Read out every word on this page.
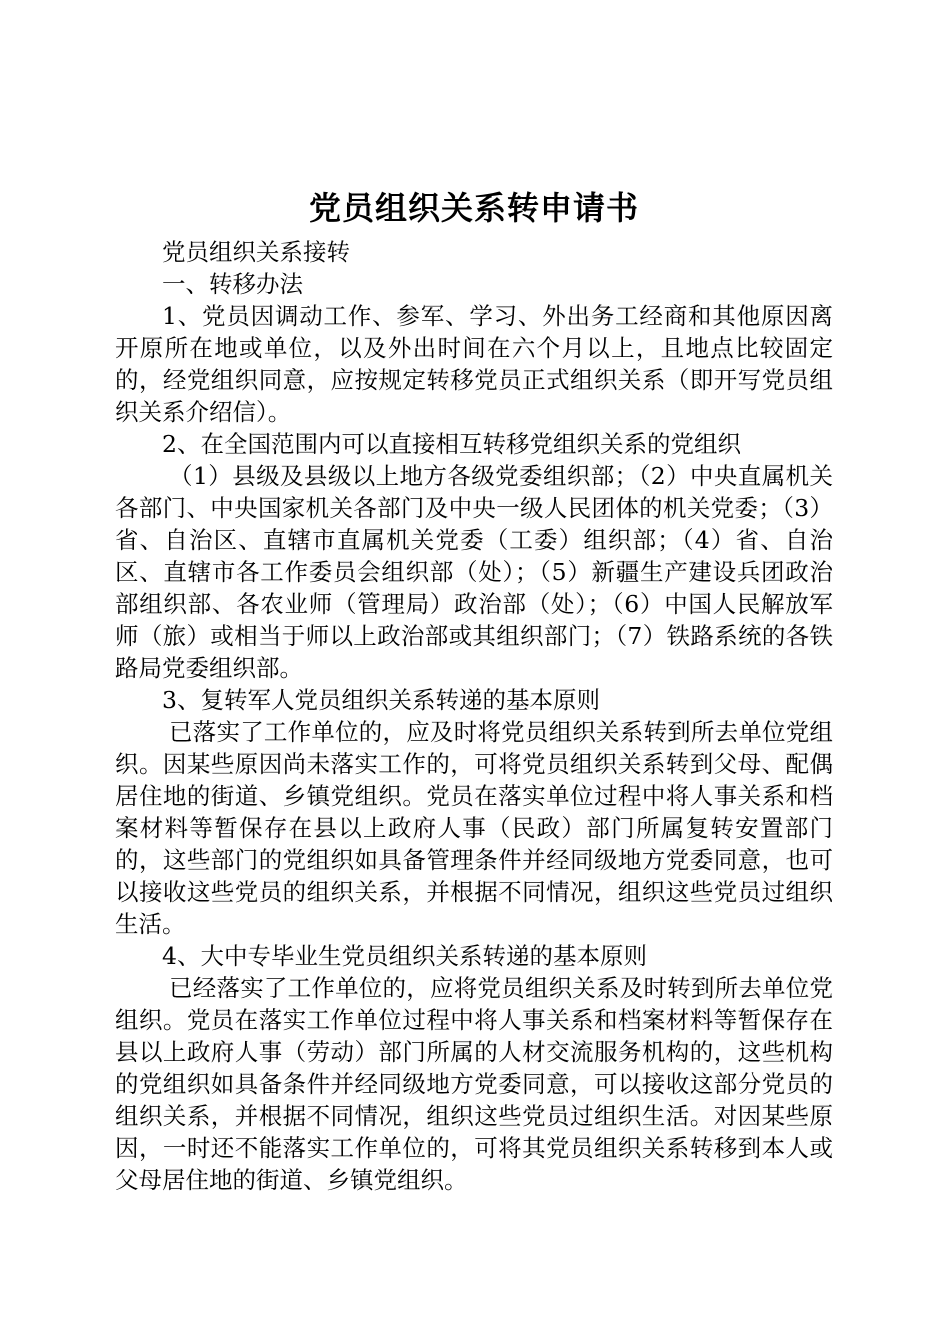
党员组织关系转申请书

党员组织关系接转

一、转移办法

1、党员因调动工作、参军、学习、外出务工经商和其他原因离开原所在地或单位，以及外出时间在六个月以上，且地点比较固定的，经党组织同意，应按规定转移党员正式组织关系（即开写党员组织关系介绍信）。

2、在全国范围内可以直接相互转移党组织关系的党组织

（1）县级及县级以上地方各级党委组织部；（2）中央直属机关各部门、中央国家机关各部门及中央一级人民团体的机关党委；（3）省、自治区、直辖市直属机关党委（工委）组织部；（4）省、自治区、直辖市各工作委员会组织部（处）；（5）新疆生产建设兵团政治部组织部、各农业师（管理局）政治部（处）；（6）中国人民解放军师（旅）或相当于师以上政治部或其组织部门；（7）铁路系统的各铁路局党委组织部。

3、复转军人党员组织关系转递的基本原则

已落实了工作单位的，应及时将党员组织关系转到所去单位党组织。因某些原因尚未落实工作的，可将党员组织关系转到父母、配偶居住地的街道、乡镇党组织。党员在落实单位过程中将人事关系和档案材料等暂保存在县以上政府人事（民政）部门所属复转安置部门的，这些部门的党组织如具备管理条件并经同级地方党委同意，也可以接收这些党员的组织关系，并根据不同情况，组织这些党员过组织生活。

4、大中专毕业生党员组织关系转递的基本原则

已经落实了工作单位的，应将党员组织关系及时转到所去单位党组织。党员在落实工作单位过程中将人事关系和档案材料等暂保存在县以上政府人事（劳动）部门所属的人材交流服务机构的，这些机构的党组织如具备条件并经同级地方党委同意，可以接收这部分党员的组织关系，并根据不同情况，组织这些党员过组织生活。对因某些原因，一时还不能落实工作单位的，可将其党员组织关系转移到本人或父母居住地的街道、乡镇党组织。
